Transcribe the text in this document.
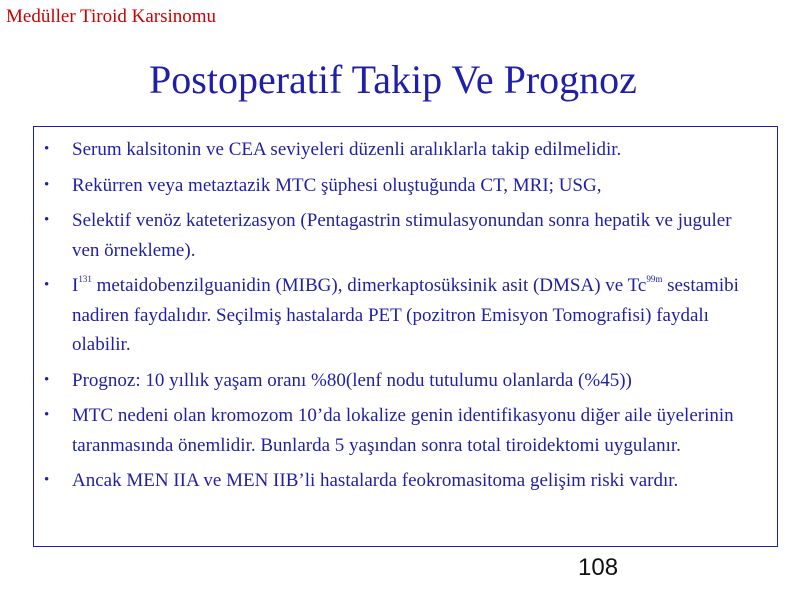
Medüller Tiroid Karsinomu
Postoperatif Takip Ve Prognoz
•	Serum kalsitonin ve CEA seviyeleri düzenli aralıklarla takip edilmelidir.
•	Rekürren veya metaztazik MTC şüphesi oluştuğunda CT, MRI; USG,
•	Selektif venöz kateterizasyon (Pentagastrin stimulasyonundan sonra hepatik ve juguler ven örnekleme).
•	$I^{131}$ metaidobenzilguanidin (MIBG), dimerkaptosüksinik asit (DMSA) ve $Tc^{99m}$ sestamibi nadiren faydalıdır. Seçilmiş hastalarda PET (pozitron Emisyon Tomografisi) faydalı olabilir.
•	Prognoz: 10 yıllık yaşam oranı %80(lenf nodu tutulumu olanlarda (%45))
•	MTC nedeni olan kromozom 10’da lokalize genin identifikasyonu diğer aile üyelerinin taranmasında önemlidir. Bunlarda 5 yaşından sonra total tiroidektomi uygulanır.
•	Ancak MEN IIA ve MEN IIB’li hastalarda feokromasitoma gelişim riski vardır.
108
